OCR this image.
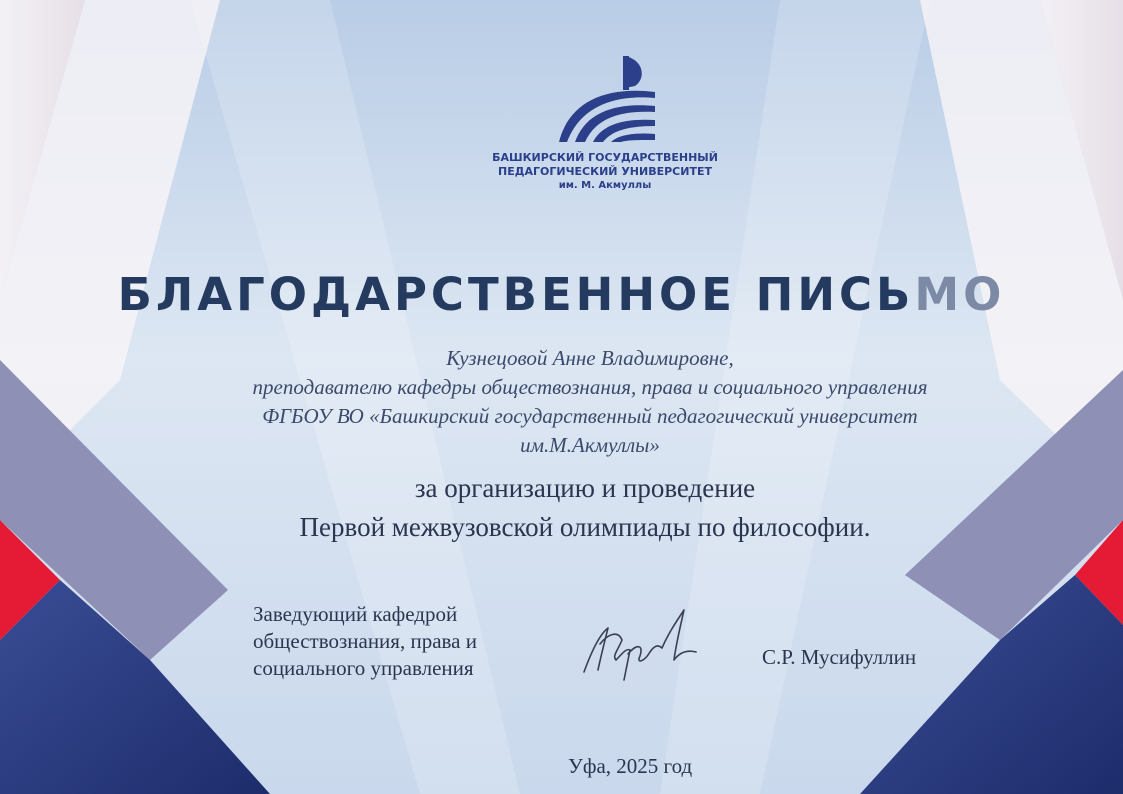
БАШКИРСКИЙ ГОСУДАРСТВЕННЫЙ
ПЕДАГОГИЧЕСКИЙ УНИВЕРСИТЕТ
им. М. Акмуллы
БЛАГОДАРСТВЕННОЕ ПИСЬМО
Кузнецовой Анне Владимировне,
преподавателю кафедры обществознания, права и социального управления
ФГБОУ ВО «Башкирский государственный педагогический университет
им.М.Акмуллы»
за организацию и проведение
Первой межвузовской олимпиады по философии.
Заведующий кафедрой
обществознания, права и
социального управления	С.Р. Мусифуллин
Уфа, 2025 год
